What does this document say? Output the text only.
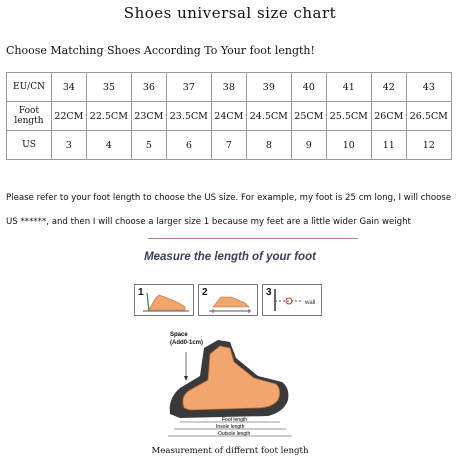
Shoes universal size chart
Choose Matching Shoes According To Your foot length!
EU/CN	34	35	36	37	38	39	40	41	42	43
Foot length	22CM	22.5CM	23CM	23.5CM	24CM	24.5CM	25CM	25.5CM	26CM	26.5CM
US	3	4	5	6	7	8	9	10	11	12
Please refer to your foot length to choose the US size. For example, my foot is 25 cm long, I will choose US ******, and then I will choose a larger size 1 because my feet are a little wider Gain weight
Measure the length of your foot
1	2	3
wall
Space
(Add0-1cm)
Foot length
Insole length
Outsole length
Measurement of differnt foot length
